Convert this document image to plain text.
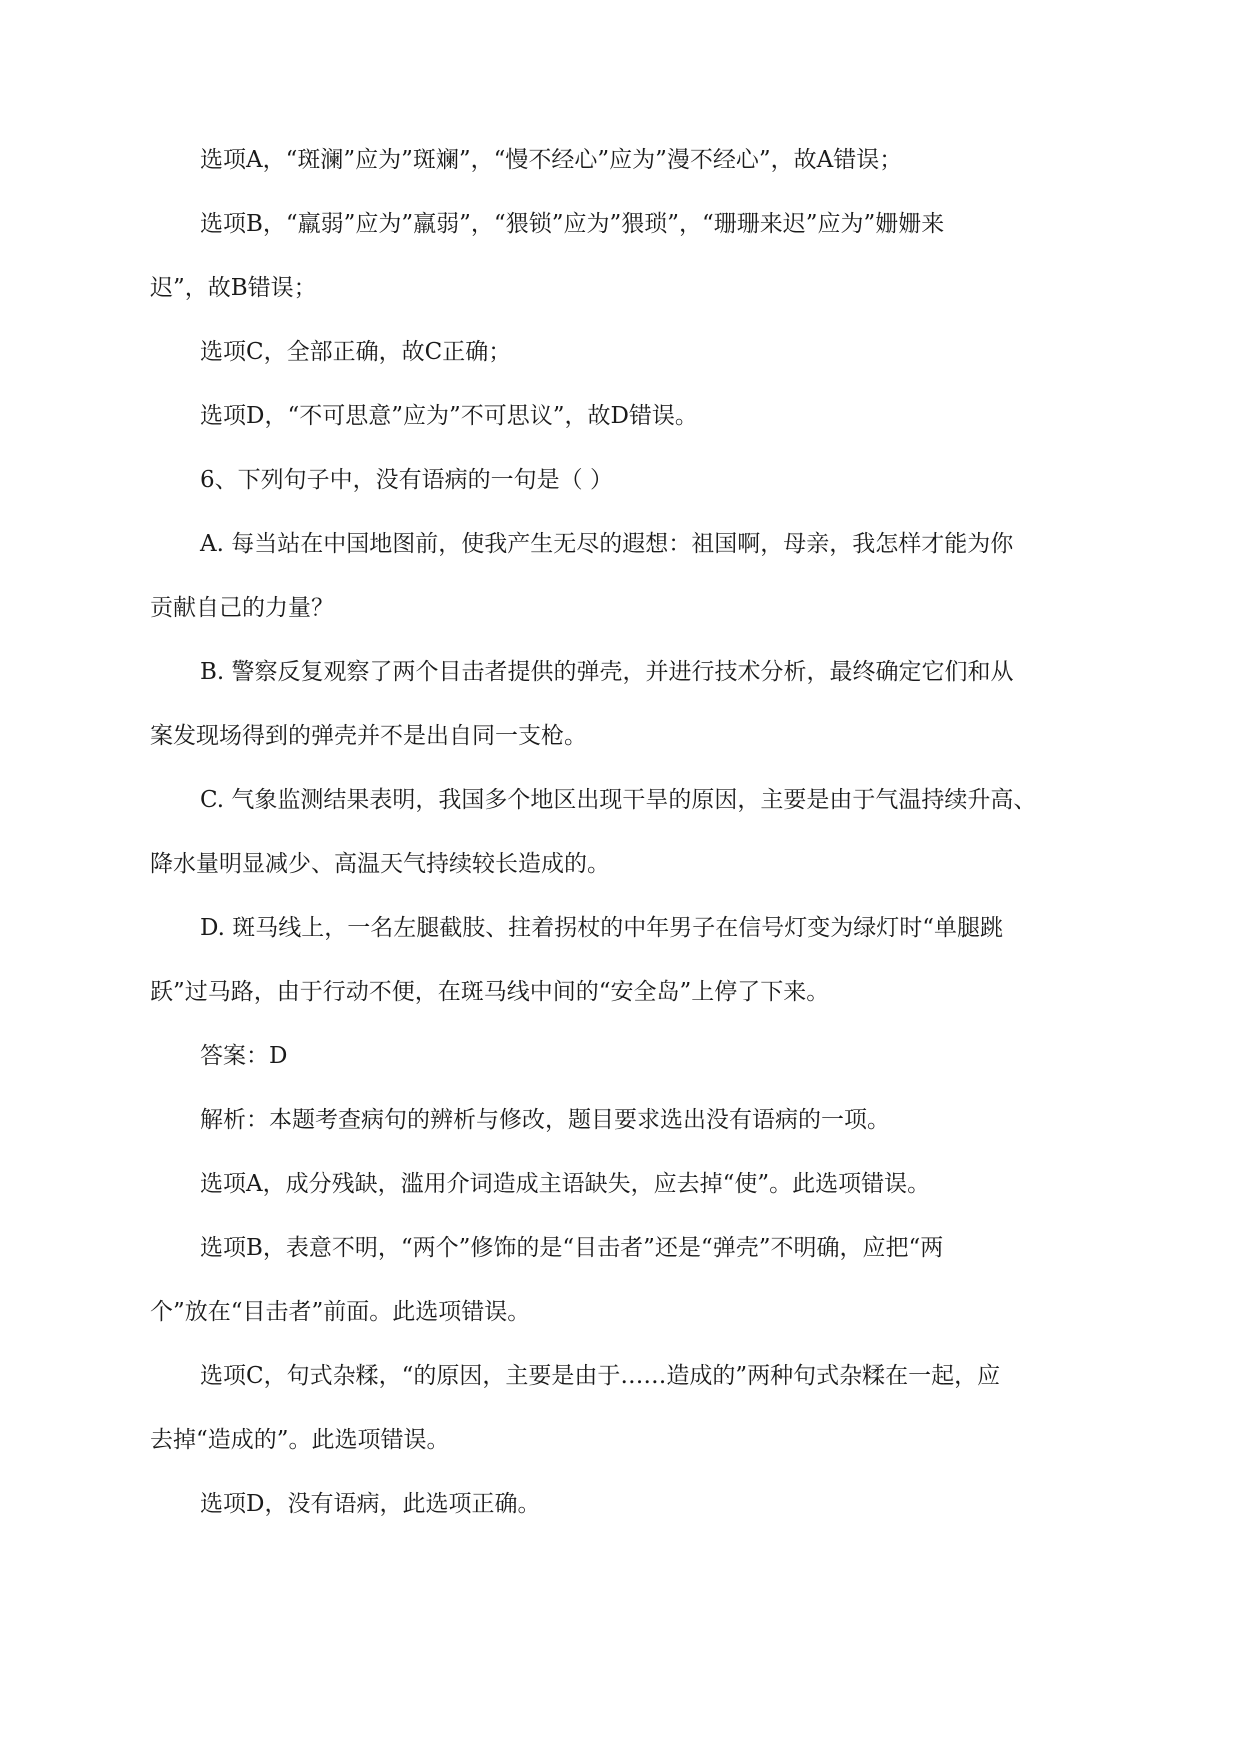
选项A，“斑澜”应为”斑斓”，“慢不经心”应为”漫不经心”，故A错误；
选项B，“羸弱”应为”羸弱”，“猥锁”应为”猥琐”，“珊珊来迟”应为”姗姗来
迟”，故B错误；
选项C，全部正确，故C正确；
选项D，“不可思意”应为”不可思议”，故D错误。
6、下列句子中，没有语病的一句是（ ）
A. 每当站在中国地图前，使我产生无尽的遐想：祖国啊，母亲，我怎样才能为你
贡献自己的力量？
B. 警察反复观察了两个目击者提供的弹壳，并进行技术分析，最终确定它们和从
案发现场得到的弹壳并不是出自同一支枪。
C. 气象监测结果表明，我国多个地区出现干旱的原因，主要是由于气温持续升高、
降水量明显减少、高温天气持续较长造成的。
D. 斑马线上，一名左腿截肢、拄着拐杖的中年男子在信号灯变为绿灯时“单腿跳
跃”过马路，由于行动不便，在斑马线中间的“安全岛”上停了下来。
答案：D
解析：本题考查病句的辨析与修改，题目要求选出没有语病的一项。
选项A，成分残缺，滥用介词造成主语缺失，应去掉“使”。此选项错误。
选项B，表意不明，“两个”修饰的是“目击者”还是“弹壳”不明确，应把“两
个”放在“目击者”前面。此选项错误。
选项C，句式杂糅，“的原因，主要是由于……造成的”两种句式杂糅在一起，应
去掉“造成的”。此选项错误。
选项D，没有语病，此选项正确。
